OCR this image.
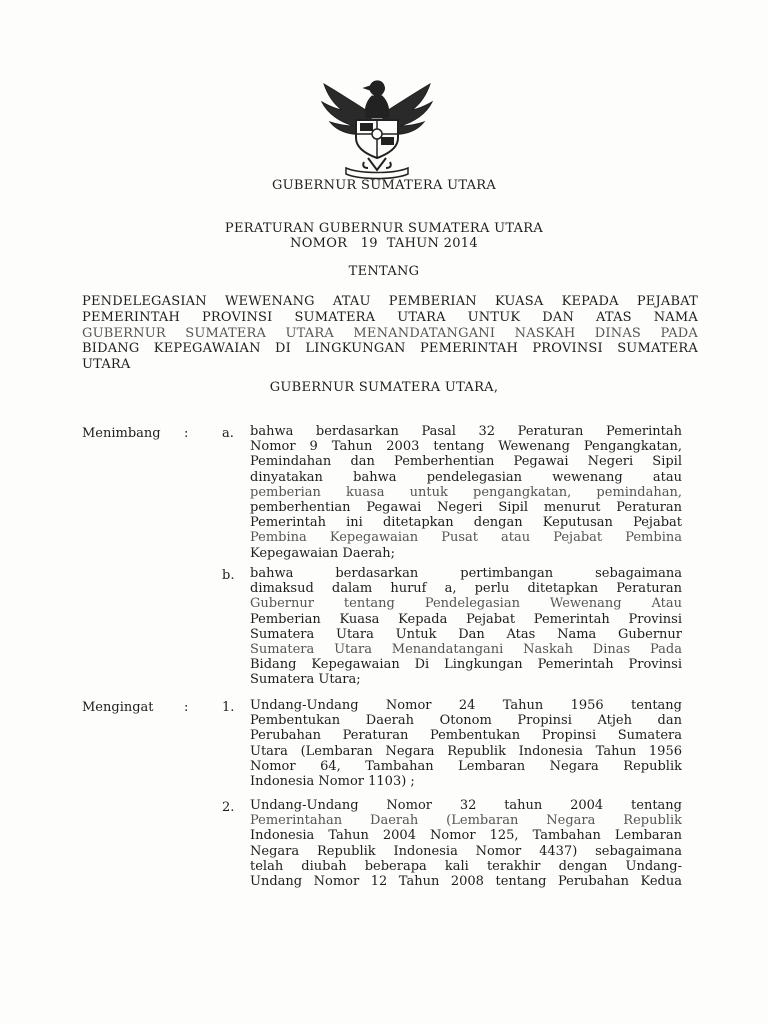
GUBERNUR SUMATERA UTARA
PERATURAN GUBERNUR SUMATERA UTARA
NOMOR 19 TAHUN 2014
TENTANG
PENDELEGASIAN WEWENANG ATAU PEMBERIAN KUASA KEPADA PEJABAT
PEMERINTAH PROVINSI SUMATERA UTARA UNTUK DAN ATAS NAMA
GUBERNUR SUMATERA UTARA MENANDATANGANI NASKAH DINAS PADA
BIDANG KEPEGAWAIAN DI LINGKUNGAN PEMERINTAH PROVINSI SUMATERA
UTARA
GUBERNUR SUMATERA UTARA,
Menimbang :	a. bahwa berdasarkan Pasal 32 Peraturan Pemerintah
Nomor 9 Tahun 2003 tentang Wewenang Pengangkatan,
Pemindahan dan Pemberhentian Pegawai Negeri Sipil
dinyatakan bahwa pendelegasian wewenang atau
pemberian kuasa untuk pengangkatan, pemindahan,
pemberhentian Pegawai Negeri Sipil menurut Peraturan
Pemerintah ini ditetapkan dengan Keputusan Pejabat
Pembina Kepegawaian Pusat atau Pejabat Pembina
Kepegawaian Daerah;
b. bahwa berdasarkan pertimbangan sebagaimana
dimaksud dalam huruf a, perlu ditetapkan Peraturan
Gubernur tentang Pendelegasian Wewenang Atau
Pemberian Kuasa Kepada Pejabat Pemerintah Provinsi
Sumatera Utara Untuk Dan Atas Nama Gubernur
Sumatera Utara Menandatangani Naskah Dinas Pada
Bidang Kepegawaian Di Lingkungan Pemerintah Provinsi
Sumatera Utara;
Mengingat :	1. Undang-Undang Nomor 24 Tahun 1956 tentang
Pembentukan Daerah Otonom Propinsi Atjeh dan
Perubahan Peraturan Pembentukan Propinsi Sumatera
Utara (Lembaran Negara Republik Indonesia Tahun 1956
Nomor 64, Tambahan Lembaran Negara Republik
Indonesia Nomor 1103) ;
2. Undang-Undang Nomor 32 tahun 2004 tentang
Pemerintahan Daerah (Lembaran Negara Republik
Indonesia Tahun 2004 Nomor 125, Tambahan Lembaran
Negara Republik Indonesia Nomor 4437) sebagaimana
telah diubah beberapa kali terakhir dengan Undang-
Undang Nomor 12 Tahun 2008 tentang Perubahan Kedua
